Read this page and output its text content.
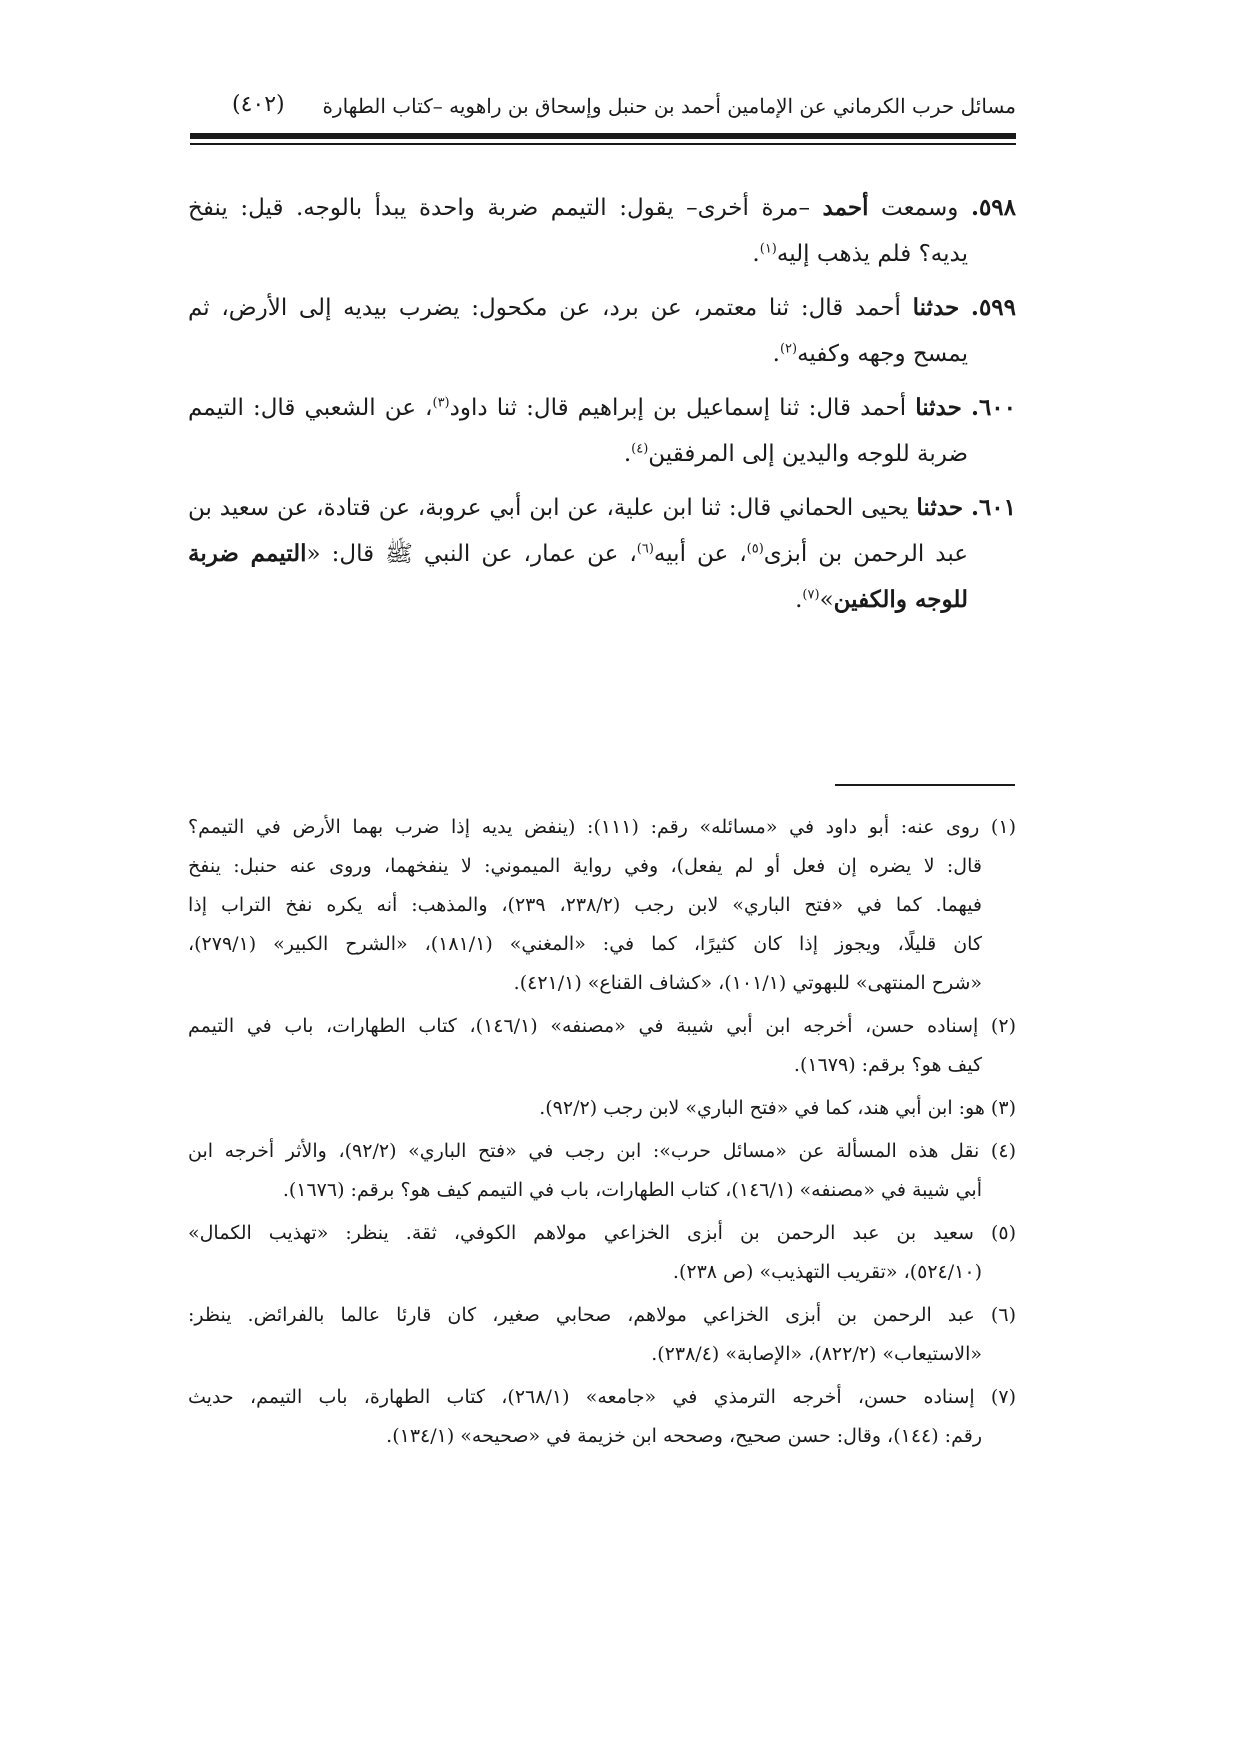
مسائل حرب الكرماني عن الإمامين أحمد بن حنبل وإسحاق بن راهويه –كتاب الطهارة
(٤٠٢)
٥٩٨. وسمعت أحمد –مرة أخرى– يقول: التيمم ضربة واحدة يبدأ بالوجه. قيل: ينفخ
يديه؟ فلم يذهب إليه$^{(١)}$.
٥٩٩. حدثنا أحمد قال: ثنا معتمر، عن برد، عن مكحول: يضرب بيديه إلى الأرض، ثم
يمسح وجهه وكفيه$^{(٢)}$.
٦٠٠. حدثنا أحمد قال: ثنا إسماعيل بن إبراهيم قال: ثنا داود$^{(٣)}$، عن الشعبي قال: التيمم
ضربة للوجه واليدين إلى المرفقين$^{(٤)}$.
٦٠١. حدثنا يحيى الحماني قال: ثنا ابن علية، عن ابن أبي عروبة، عن قتادة، عن سعيد بن
عبد الرحمن بن أبزى$^{(٥)}$، عن أبيه$^{(٦)}$، عن عمار، عن النبي ﷺ قال: «التيمم ضربة
للوجه والكفين»$^{(٧)}$.
(١) روى عنه: أبو داود في «مسائله» رقم: (١١١): (ينفض يديه إذا ضرب بهما الأرض في التيمم؟
قال: لا يضره إن فعل أو لم يفعل)، وفي رواية الميموني: لا ينفخهما، وروى عنه حنبل: ينفخ
فيهما. كما في «فتح الباري» لابن رجب (٢٣٨/٢، ٢٣٩)، والمذهب: أنه يكره نفخ التراب إذا
كان قليلًا، ويجوز إذا كان كثيرًا، كما في: «المغني» (١٨١/١)، «الشرح الكبير» (٢٧٩/١)،
«شرح المنتهى» للبهوتي (١٠١/١)، «كشاف القناع» (٤٢١/١).
(٢) إسناده حسن، أخرجه ابن أبي شيبة في «مصنفه» (١٤٦/١)، كتاب الطهارات، باب في التيمم
كيف هو؟ برقم: (١٦٧٩).
(٣) هو: ابن أبي هند، كما في «فتح الباري» لابن رجب (٩٢/٢).
(٤) نقل هذه المسألة عن «مسائل حرب»: ابن رجب في «فتح الباري» (٩٢/٢)، والأثر أخرجه ابن
أبي شيبة في «مصنفه» (١٤٦/١)، كتاب الطهارات، باب في التيمم كيف هو؟ برقم: (١٦٧٦).
(٥) سعيد بن عبد الرحمن بن أبزى الخزاعي مولاهم الكوفي، ثقة. ينظر: «تهذيب الكمال»
(٥٢٤/١٠)، «تقريب التهذيب» (ص ٢٣٨).
(٦) عبد الرحمن بن أبزى الخزاعي مولاهم، صحابي صغير، كان قارئا عالما بالفرائض. ينظر:
«الاستيعاب» (٨٢٢/٢)، «الإصابة» (٢٣٨/٤).
(٧) إسناده حسن، أخرجه الترمذي في «جامعه» (٢٦٨/١)، كتاب الطهارة، باب التيمم، حديث
رقم: (١٤٤)، وقال: حسن صحيح، وصححه ابن خزيمة في «صحيحه» (١٣٤/١).
